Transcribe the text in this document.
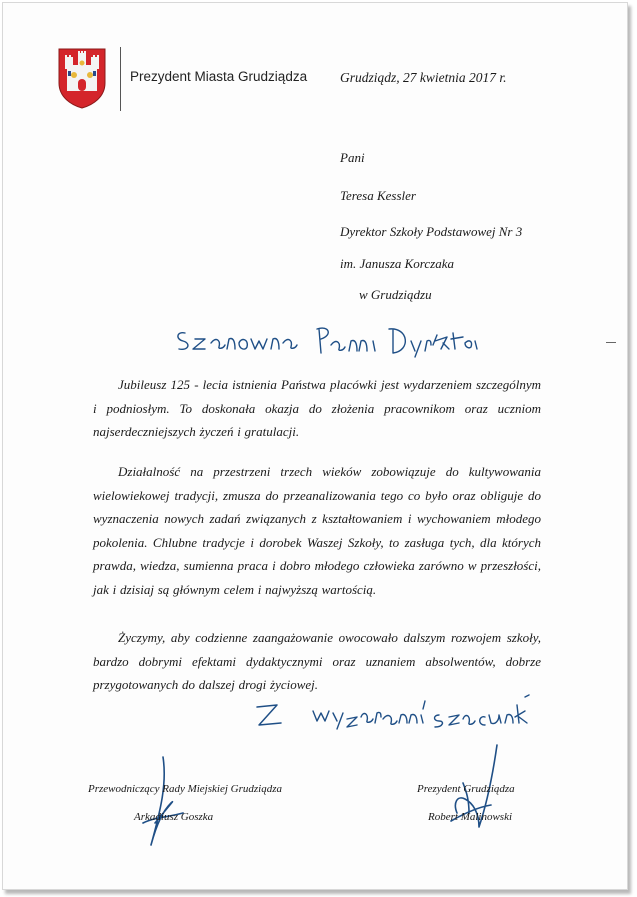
Prezydent Miasta Grudziądza Grudziądz, 27 kwietnia 2017 r.
Pani
Teresa Kessler
Dyrektor Szkoły Podstawowej Nr 3
im. Janusza Korczaka
w Grudziądzu

Jubileusz 125 - lecia istnienia Państwa placówki jest wydarzeniem szczególnym i podniosłym. To doskonała okazja do złożenia pracownikom oraz uczniom najserdeczniejszych życzeń i gratulacji.

Działalność na przestrzeni trzech wieków zobowiązuje do kultywowania wielowiekowej tradycji, zmusza do przeanalizowania tego co było oraz obliguje do wyznaczenia nowych zadań związanych z kształtowaniem i wychowaniem młodego pokolenia. Chlubne tradycje i dorobek Waszej Szkoły, to zasługa tych, dla których prawda, wiedza, sumienna praca i dobro młodego człowieka zarówno w przeszłości, jak i dzisiaj są głównym celem i najwyższą wartością.

Życzymy, aby codzienne zaangażowanie owocowało dalszym rozwojem szkoły, bardzo dobrymi efektami dydaktycznymi oraz uznaniem absolwentów, dobrze przygotowanych do dalszej drogi życiowej.

Przewodniczący Rady Miejskiej Grudziądza
Arkadiusz Goszka
Prezydent Grudziądza
Robert Malinowski
